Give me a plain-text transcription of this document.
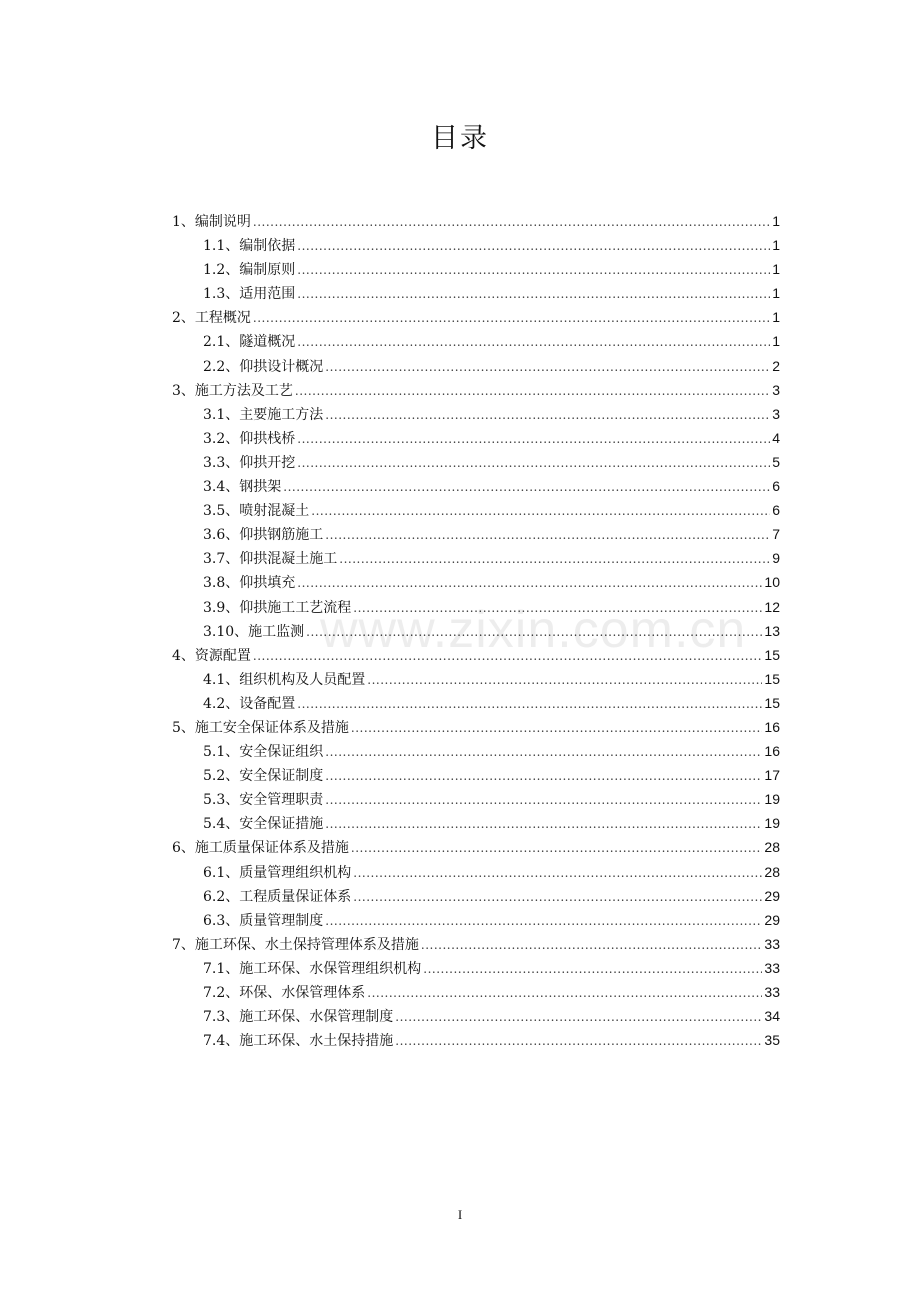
目录
1、编制说明 .....	1
1.1、编制依据 .....	1
1.2、编制原则 .....	1
1.3、适用范围 .....	1
2、工程概况 .....	1
2.1、隧道概况 .....	1
2.2、仰拱设计概况 .....	2
3、施工方法及工艺 .....	3
3.1、主要施工方法 .....	3
3.2、仰拱栈桥 .....	4
3.3、仰拱开挖 .....	5
3.4、钢拱架 .....	6
3.5、喷射混凝土 .....	6
3.6、仰拱钢筋施工 .....	7
3.7、仰拱混凝土施工 .....	9
3.8、仰拱填充 .....	10
3.9、仰拱施工工艺流程 .....	12
3.10、施工监测 .....	13
4、资源配置 .....	15
4.1、组织机构及人员配置 .....	15
4.2、设备配置 .....	15
5、施工安全保证体系及措施 .....	16
5.1、安全保证组织 .....	16
5.2、安全保证制度 .....	17
5.3、安全管理职责 .....	19
5.4、安全保证措施 .....	19
6、施工质量保证体系及措施 .....	28
6.1、质量管理组织机构 .....	28
6.2、工程质量保证体系 .....	29
6.3、质量管理制度 .....	29
7、施工环保、水土保持管理体系及措施 .....	33
7.1、施工环保、水保管理组织机构 .....	33
7.2、环保、水保管理体系 .....	33
7.3、施工环保、水保管理制度 .....	34
7.4、施工环保、水土保持措施 .....	35
www.zixin.com.cn
I
